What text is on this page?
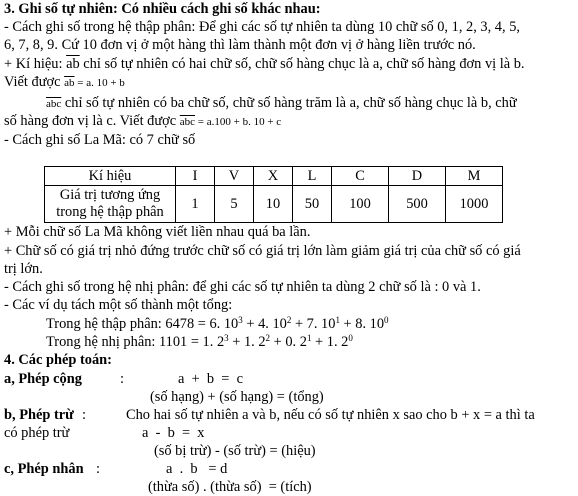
3. Ghi số tự nhiên: Có nhiều cách ghi số khác nhau:
- Cách ghi số trong hệ thập phân: Để ghi các số tự nhiên ta dùng 10 chữ số 0, 1, 2, 3, 4, 5,
6, 7, 8, 9. Cứ 10 đơn vị ở một hàng thì làm thành một đơn vị ở hàng liền trước nó.
+ Kí hiệu: $\overline{ab}$ chỉ số tự nhiên có hai chữ số, chữ số hàng chục là a, chữ số hàng đơn vị là b.
Viết được $\overline{ab} = a$. 10 + b
$\overline{abc}$ chỉ số tự nhiên có ba chữ số, chữ số hàng trăm là a, chữ số hàng chục là b, chữ
số hàng đơn vị là c. Viết được $\overline{abc} = a.100 + b$. 10 + c
- Cách ghi số La Mã: có 7 chữ số
Kí hiệu	I	V	X	L	C	D	M

Giá trị tương ứng
trong hệ thập phân	1	5	10	50	100	500	1000
+ Mỗi chữ số La Mã không viết liền nhau quá ba lần.
+ Chữ số có giá trị nhỏ đứng trước chữ số có giá trị lớn làm giảm giá trị của chữ số có giá
trị lớn.
- Cách ghi số trong hệ nhị phân: để ghi các số tự nhiên ta dùng 2 chữ số là : 0 và 1.
- Các ví dụ tách một số thành một tổng:
Trong hệ thập phân: 6478 = 6. $10^3 + 4$. $10^2 + 7$. $10^1 + 8$. $10^0$
Trong hệ nhị phân: 1101 = 1. $2^3 + 1$. $2^2 + 0$. $2^1 + 1$. $2^0$
4. Các phép toán:
a, Phép cộng	:	a  +  b  =  c
(số hạng) + (số hạng) = (tổng)
b, Phép trừ :	Cho hai số tự nhiên a và b, nếu có số tự nhiên x sao cho b + x = a thì ta
có phép trừ	a  -  b  =  x
(số bị trừ) - (số trừ) = (hiệu)
c, Phép nhân :	a  .  b   = d
(thừa số) . (thừa số)  = (tích)
